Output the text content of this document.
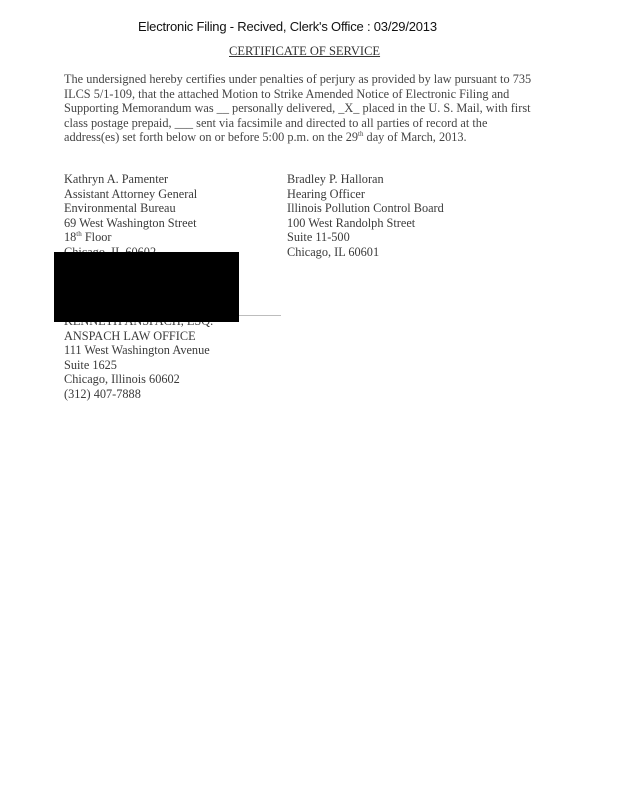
Electronic Filing - Recived, Clerk's Office : 03/29/2013
CERTIFICATE OF SERVICE

The undersigned hereby certifies under penalties of perjury as provided by law pursuant to 735

ILCS 5/1-109, that the attached Motion to Strike Amended Notice of Electronic Filing and

Supporting Memorandum was __ personally delivered, _X_ placed in the U. S. Mail, with first

class postage prepaid, ___ sent via facsimile and directed to all parties of record at the

address(es) set forth below on or before 5:00 p.m. on the 29th day of March, 2013.

Kathryn A. Pamenter
Assistant Attorney General
Environmental Bureau
69 West Washington Street
18th Floor
Bradley P. Halloran
Hearing Officer
Illinois Pollution Control Board
100 West Randolph Street
Suite 11-500
Chicago, IL 60601
ANSPACH LAW OFFICE
111 West Washington Avenue
Suite 1625
Chicago, Illinois 60602
(312) 407-7888
